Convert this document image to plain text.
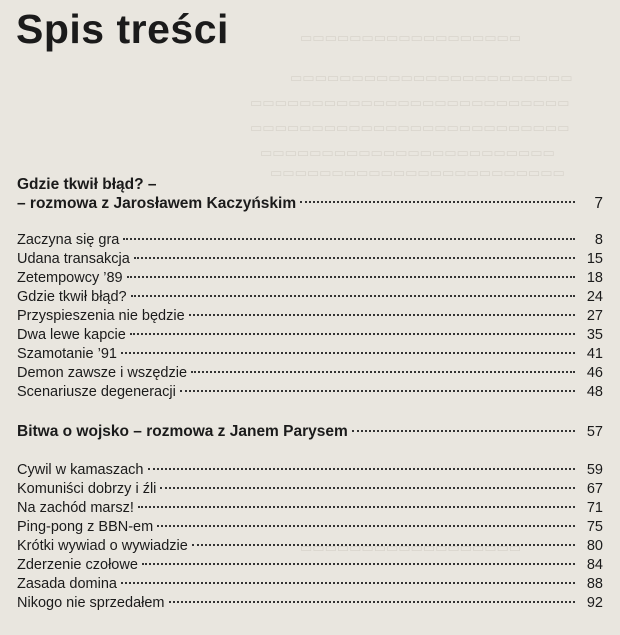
▭▭▭▭▭▭▭▭▭▭▭▭▭▭▭▭▭▭
▭▭▭▭▭▭▭▭▭▭▭▭▭▭▭▭▭▭▭▭▭▭▭
▭▭▭▭▭▭▭▭▭▭▭▭▭▭▭▭▭▭▭▭▭▭▭▭▭▭
▭▭▭▭▭▭▭▭▭▭▭▭▭▭▭▭▭▭▭▭▭▭▭▭▭▭
▭▭▭▭▭▭▭▭▭▭▭▭▭▭▭▭▭▭▭▭▭▭▭▭
▭▭▭▭▭▭▭▭▭▭▭▭▭▭▭▭▭▭▭▭▭▭▭▭
▭▭▭▭▭▭▭▭▭▭▭▭▭▭▭▭▭▭
Spis treści
Gdzie tkwił błąd? –
– rozmowa z Jarosławem Kaczyńskim	7
Zaczyna się gra	8
Udana transakcja	15
Zetempowcy ’89	18
Gdzie tkwił błąd?	24
Przyspieszenia nie będzie	27
Dwa lewe kapcie	35
Szamotanie ’91	41
Demon zawsze i wszędzie	46
Scenariusze degeneracji	48
Bitwa o wojsko – rozmowa z Janem Parysem	57
Cywil w kamaszach	59
Komuniści dobrzy i źli	67
Na zachód marsz!	71
Ping-pong z BBN-em	75
Krótki wywiad o wywiadzie	80
Zderzenie czołowe	84
Zasada domina	88
Nikogo nie sprzedałem	92
